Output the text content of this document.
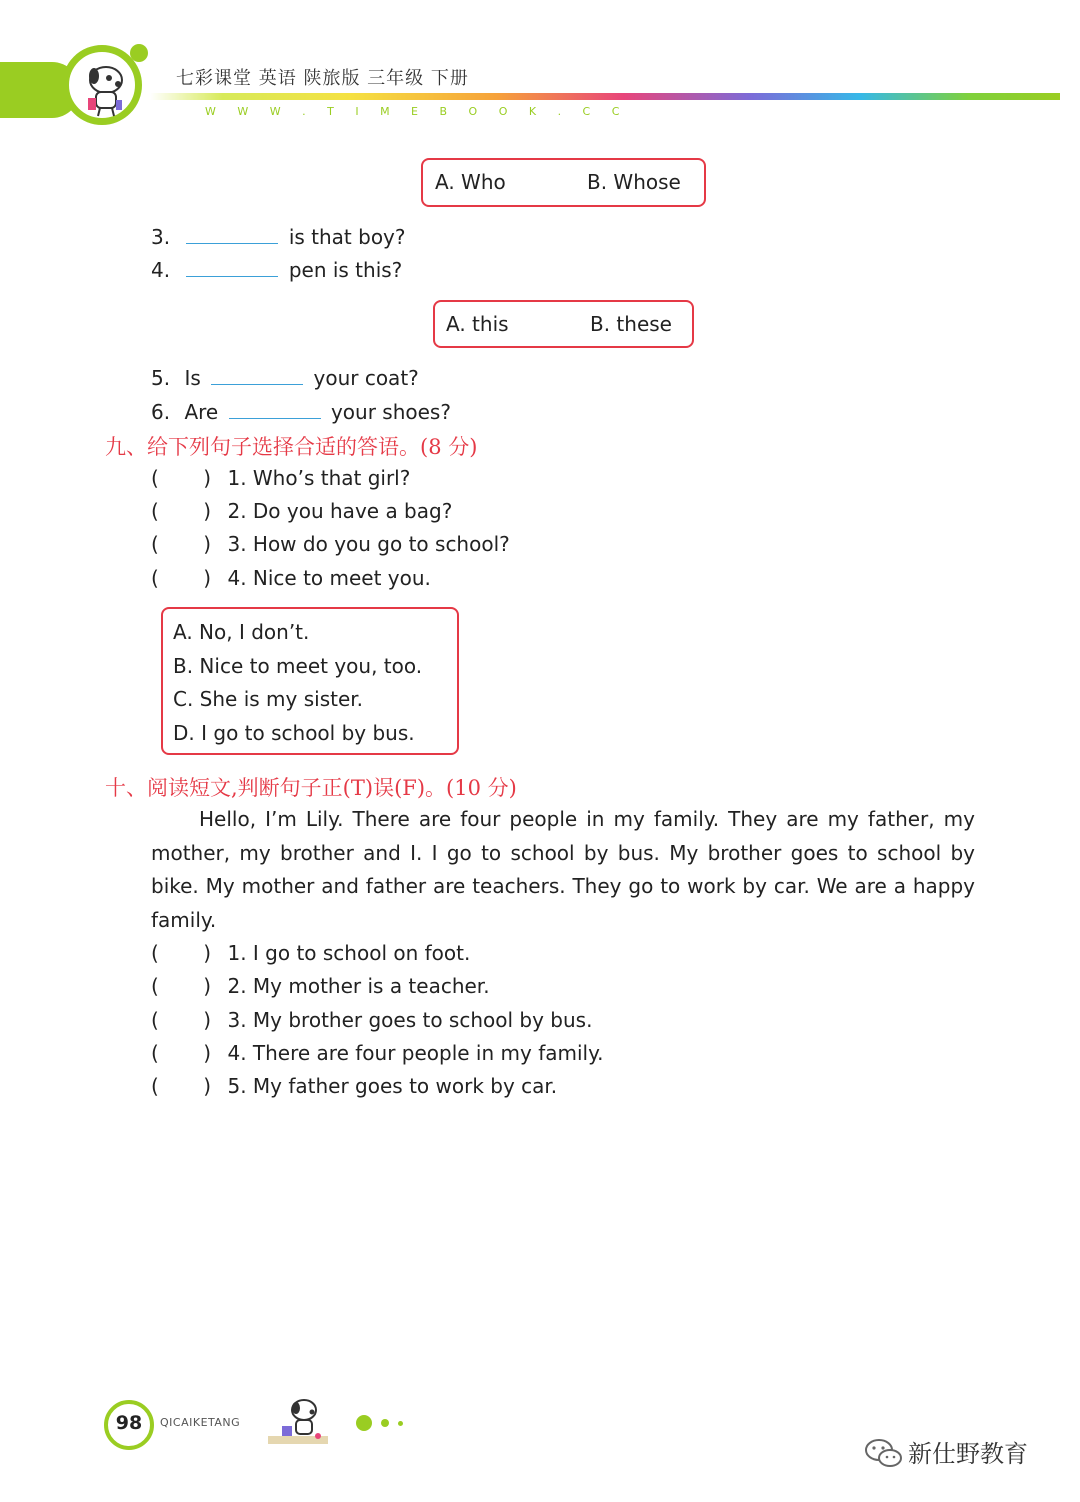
七彩课堂 英语 陕旅版 三年级 下册
W W W . T I M E B O O K . C C
A. Who	B. Whose
3.	is that boy?
4.	pen is this?
A. this	B. these
5. Is	your coat?
6. Are	your shoes?
九、给下列句子选择合适的答语。(8 分)
(       ) 1. Who’s that girl?
(       ) 2. Do you have a bag?
(       ) 3. How do you go to school?
(       ) 4. Nice to meet you.
A. No, I don’t.
B. Nice to meet you, too.
C. She is my sister.
D. I go to school by bus.
十、阅读短文,判断句子正(T)误(F)。(10 分)
Hello, I’m Lily. There are four people in my family. They are my father, my mother, my brother and I. I go to school by bus. My brother goes to school by bike. My mother and father are teachers. They go to work by car. We are a happy family.
(       ) 1. I go to school on foot.
(       ) 2. My mother is a teacher.
(       ) 3. My brother goes to school by bus.
(       ) 4. There are four people in my family.
(       ) 5. My father goes to work by car.
98	QICAIKETANG
新仕野教育
